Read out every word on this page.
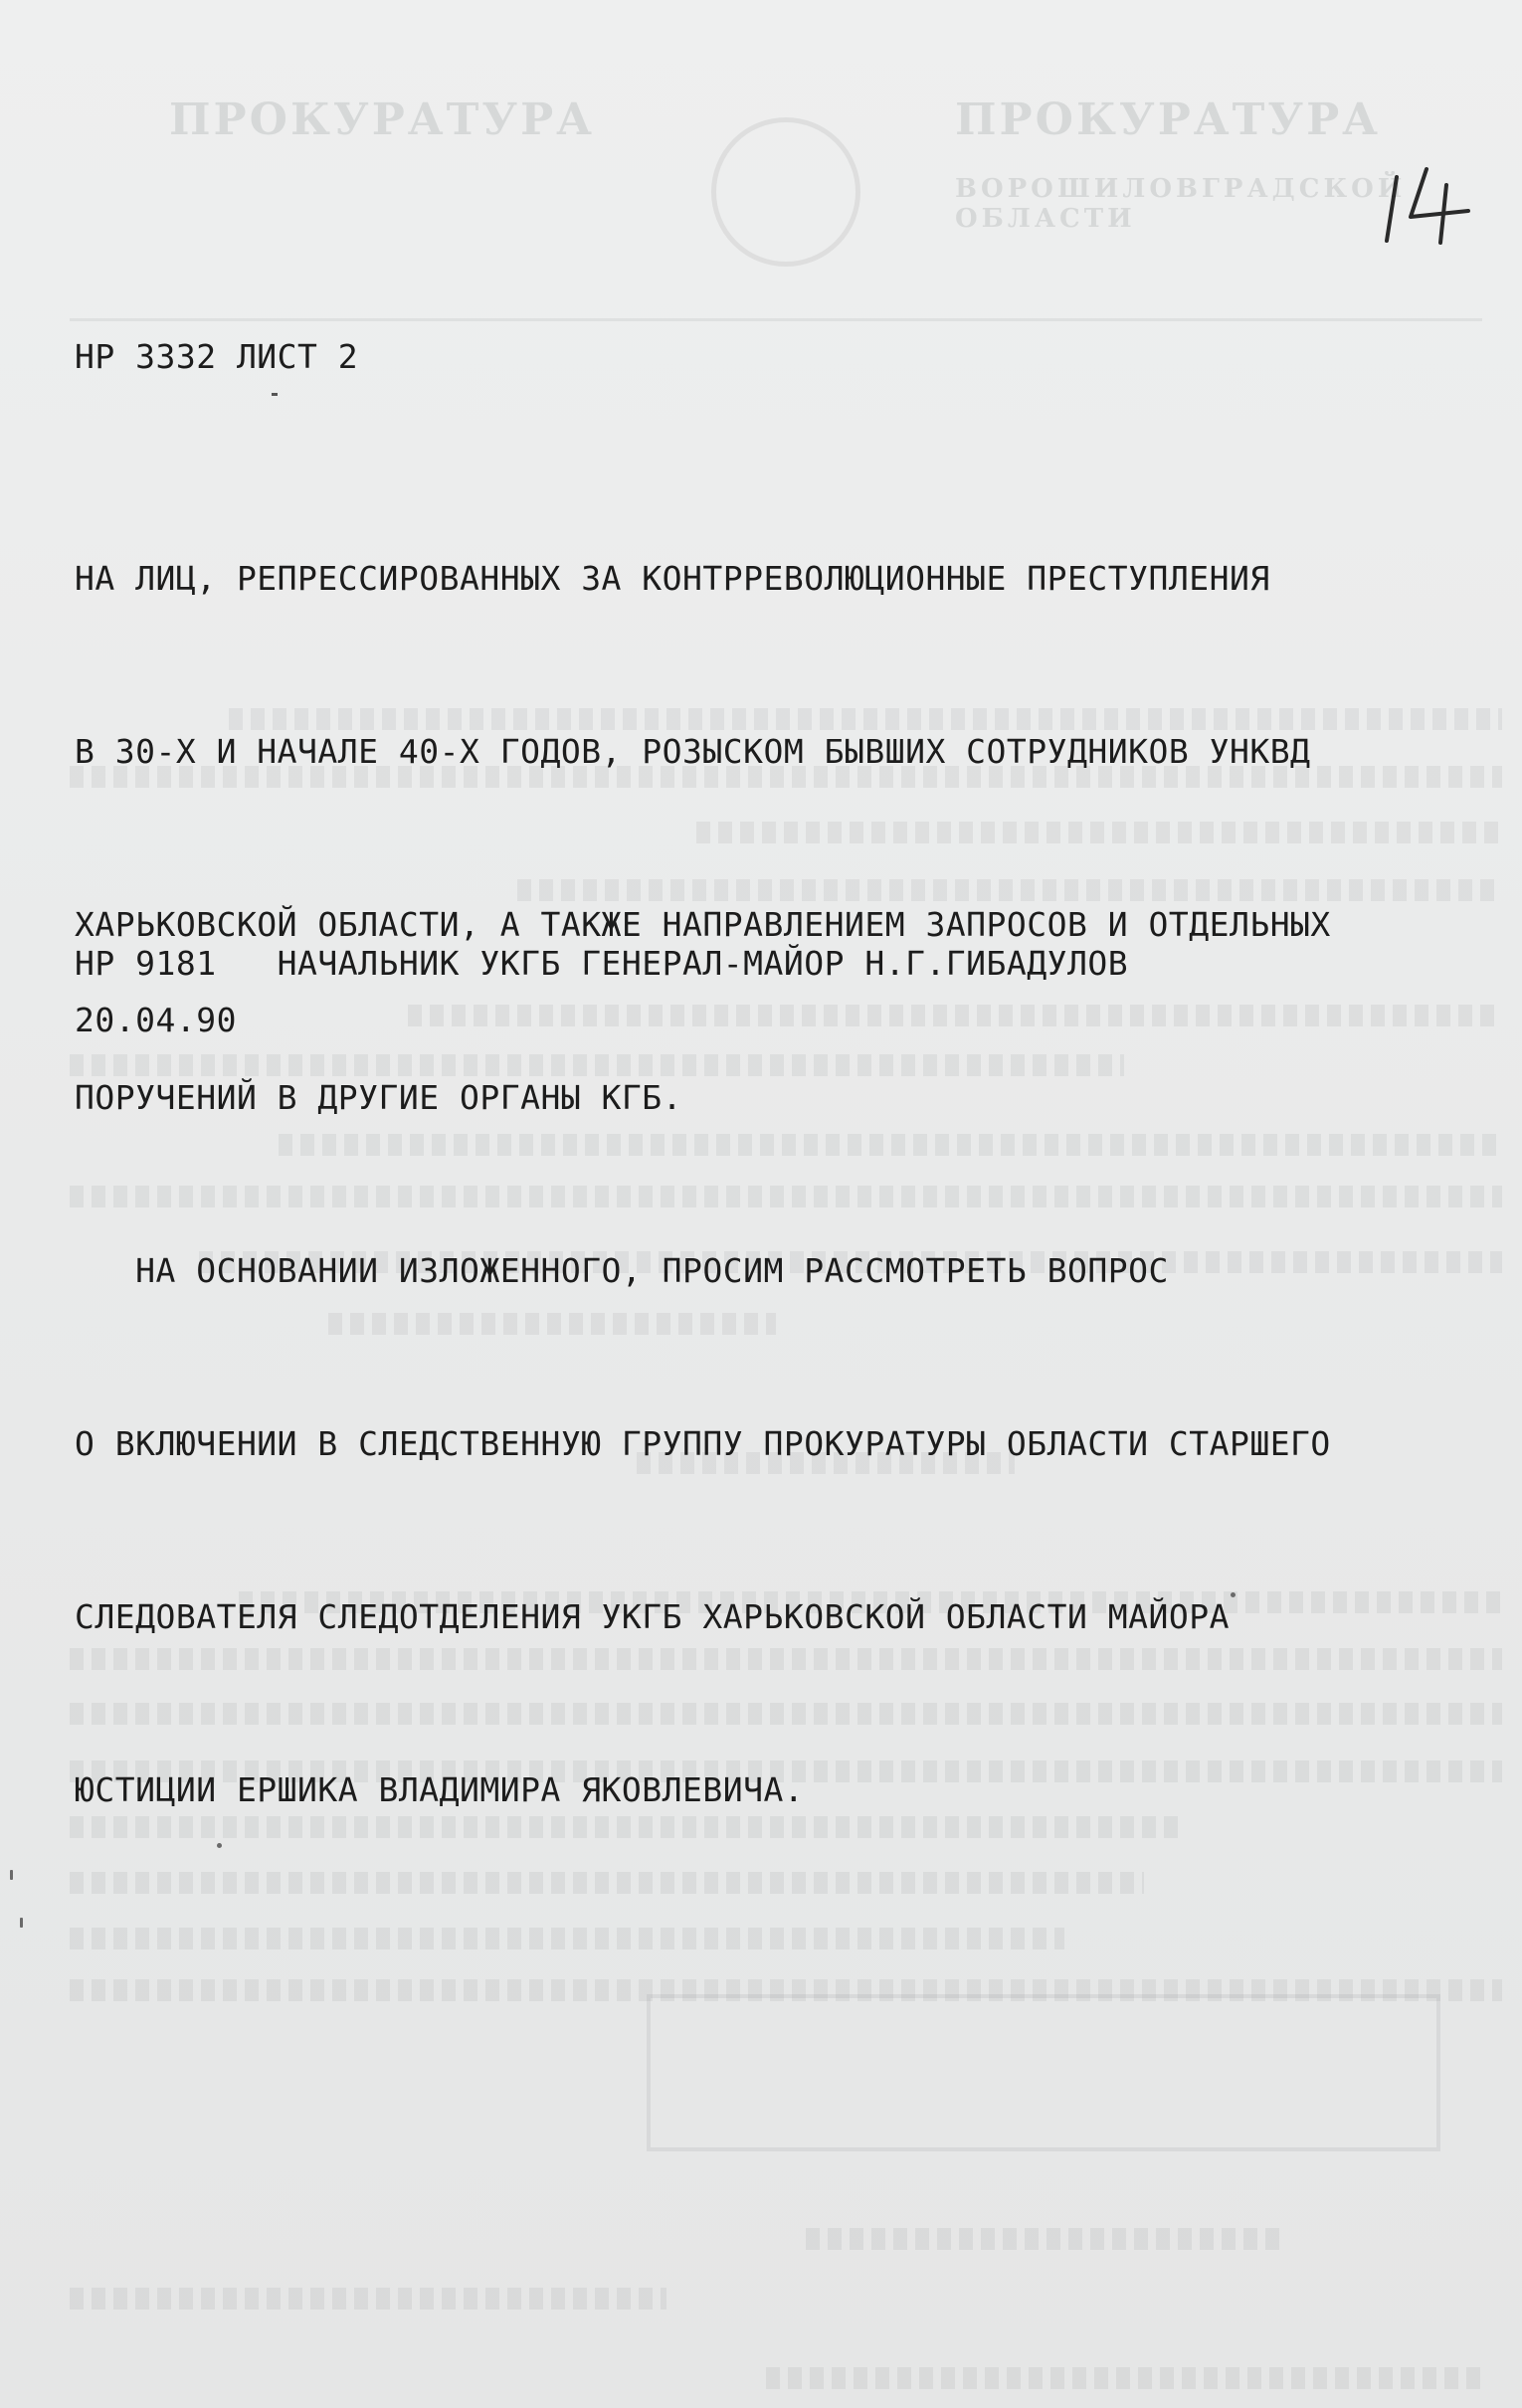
ПРОКУРАТУРА	ПРОКУРАТУРА
ВОРОШИЛОВГРАДСКОЙ ОБЛАСТИ
НР 3332 ЛИСТ 2

НА ЛИЦ, РЕПРЕССИРОВАННЫХ ЗА КОНТРРЕВОЛЮЦИОННЫЕ ПРЕСТУПЛЕНИЯ

В 30-Х И НАЧАЛЕ 40-Х ГОДОВ, РОЗЫСКОМ БЫВШИХ СОТРУДНИКОВ УНКВД

ХАРЬКОВСКОЙ ОБЛАСТИ, А ТАКЖЕ НАПРАВЛЕНИЕМ ЗАПРОСОВ И ОТДЕЛЬНЫХ

ПОРУЧЕНИЙ В ДРУГИЕ ОРГАНЫ КГБ.

НА ОСНОВАНИИ ИЗЛОЖЕННОГО, ПРОСИМ РАССМОТРЕТЬ ВОПРОС

О ВКЛЮЧЕНИИ В СЛЕДСТВЕННУЮ ГРУППУ ПРОКУРАТУРЫ ОБЛАСТИ СТАРШЕГО

СЛЕДОВАТЕЛЯ СЛЕДОТДЕЛЕНИЯ УКГБ ХАРЬКОВСКОЙ ОБЛАСТИ МАЙОРА

ЮСТИЦИИ ЕРШИКА ВЛАДИМИРА ЯКОВЛЕВИЧА.

НР 9181   НАЧАЛЬНИК УКГБ ГЕНЕРАЛ-МАЙОР Н.Г.ГИБАДУЛОВ
20.04.90
